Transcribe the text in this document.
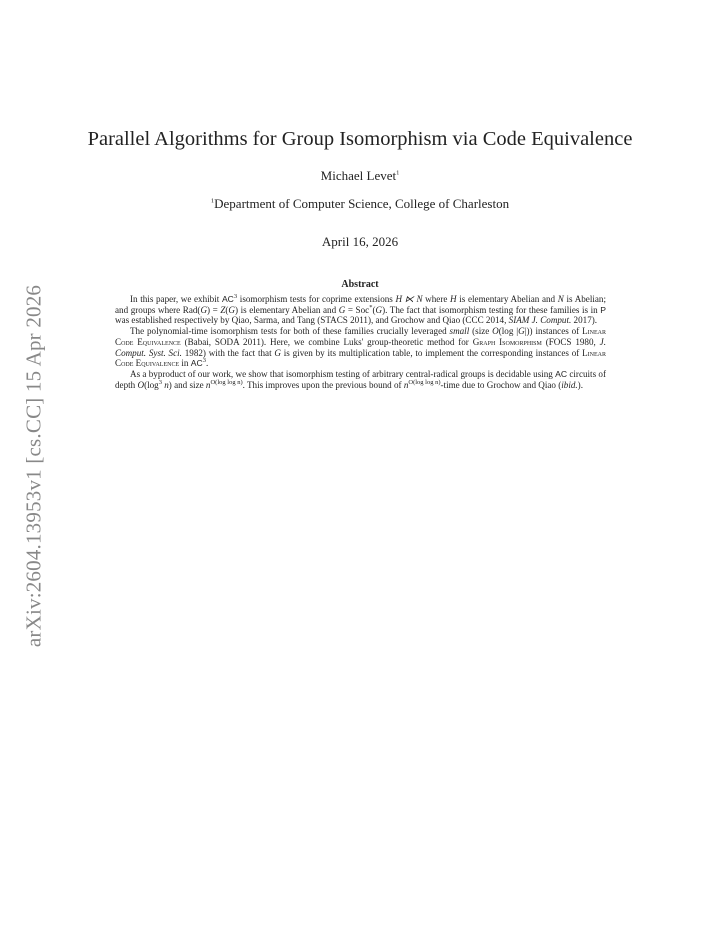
arXiv:2604.13953v1 [cs.CC] 15 Apr 2026
Parallel Algorithms for Group Isomorphism via Code Equivalence
Michael Levet$^1$
$^1$Department of Computer Science, College of Charleston
April 16, 2026
Abstract

In this paper, we exhibit $AC^3$ isomorphism tests for coprime extensions H ⋉ N where H is elementary Abelian and N is Abelian; and groups where Rad(G) = Z(G) is elementary Abelian and G = Soc*(G). The fact that isomorphism testing for these families is in P was established respectively by Qiao, Sarma, and Tang (STACS 2011), and Grochow and Qiao (CCC 2014, SIAM J. Comput. 2017).

The polynomial-time isomorphism tests for both of these families crucially leveraged small (size O(log |G|)) instances of Linear Code Equivalence (Babai, SODA 2011). Here, we combine Luks' group-theoretic method for Graph Isomorphism (FOCS 1980, J. Comput. Syst. Sci. 1982) with the fact that G is given by its multiplication table, to implement the corresponding instances of Linear Code Equivalence in $AC^3$.

As a byproduct of our work, we show that isomorphism testing of arbitrary central-radical groups is decidable using AC circuits of depth $O(\log^3$ n) and size $n^{O(log log n)}$. This improves upon the previous bound of $n^{O(log log n)}$-time due to Grochow and Qiao (ibid.).
